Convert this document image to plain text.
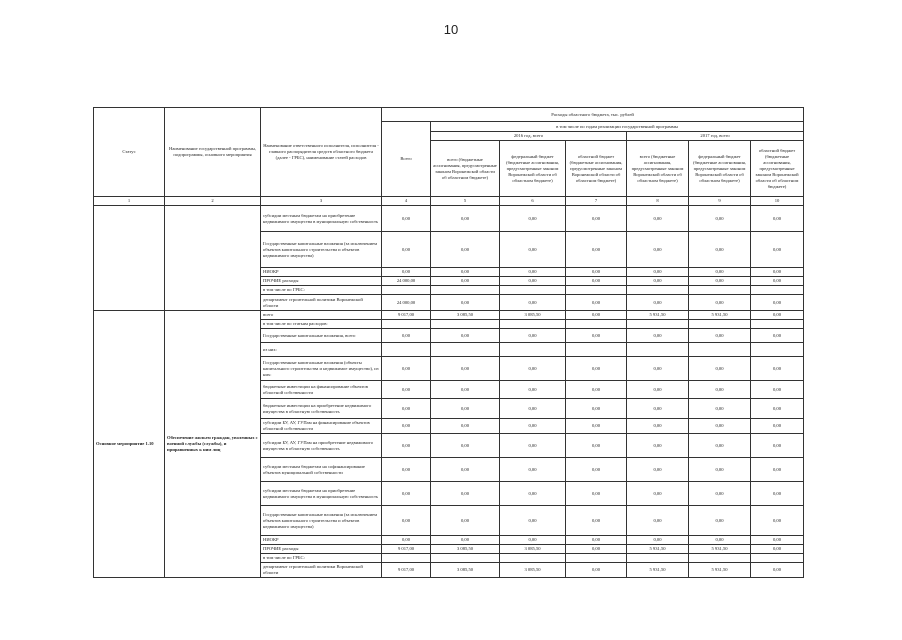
10
Статус	Наименование государственной программы, подпрограммы, основного мероприятия	Наименование ответственного исполнителя, исполнителя - главного распорядителя средств областного бюджета (далее - ГРБС), наименование статей расходов	Расходы областного бюджета, тыс. рублей						
			Всего	в том числе по годам реализации государственной программы					
				2016 год, всего			2017 год, всего		
				всего (бюджетные ассигнования, предусмотренные законом Воронежской области об областном бюджете)	федеральный бюджет (бюджетные ассигнования, предусмотренные законом Воронежской области об областном бюджете)	областной бюджет (бюджетные ассигнования, предусмотренные законом Воронежской области об областном бюджете)	всего (бюджетные ассигнования, предусмотренные законом Воронежской области об областном бюджете)	федеральный бюджет (бюджетные ассигнования, предусмотренные законом Воронежской области об областном бюджете)	областной бюджет (бюджетные ассигнования, предусмотренные законом Воронежской области об областном бюджете)
1	2	3	4	5	6	7	8	9	10
		субсидии местным бюджетам на приобретение недвижимого имущества в муниципальную собственность	0,00	0,00	0,00	0,00	0,00	0,00	0,00
		Государственные капитальные вложения (за исключением объектов капитального строительства и объектов недвижимого имущества)	0,00	0,00	0,00	0,00	0,00	0,00	0,00
		НИОКР	0,00	0,00	0,00	0,00	0,00	0,00	0,00
		ПРОЧИЕ расходы	24 000,00	0,00	0,00	0,00	0,00	0,00	0,00
		в том числе по ГРБС:							
		департамент строительной политики Воронежской области	24 000,00	0,00	0,00	0,00	0,00	0,00	0,00
Основное мероприятие 1.10	Обеспечение жильем граждан, уволенных с военной службы (службы), и приравненных к ним лиц	всего	9 017,00	3 085,50	3 085,50	0,00	5 931,50	5 931,50	0,00
		в том числе по статьям расходов:							
		Государственные капитальные вложения, всего	0,00	0,00	0,00	0,00	0,00	0,00	0,00
		из них:							
		Государственные капитальные вложения (объекты капитального строительства и недвижимое имущество), из них:	0,00	0,00	0,00	0,00	0,00	0,00	0,00
		бюджетные инвестиции на финансирование объектов областной собственности	0,00	0,00	0,00	0,00	0,00	0,00	0,00
		бюджетные инвестиции на приобретение недвижимого имущества в областную собственность	0,00	0,00	0,00	0,00	0,00	0,00	0,00
		субсидии БУ, АУ, ГУПам на финансирование объектов областной собственности	0,00	0,00	0,00	0,00	0,00	0,00	0,00
		субсидии БУ, АУ, ГУПам на приобретение недвижимого имущества в областную собственность	0,00	0,00	0,00	0,00	0,00	0,00	0,00
		субсидии местным бюджетам на софинансирование объектов муниципальной собственности	0,00	0,00	0,00	0,00	0,00	0,00	0,00
		субсидии местным бюджетам на приобретение недвижимого имущества в муниципальную собственность	0,00	0,00	0,00	0,00	0,00	0,00	0,00
		Государственные капитальные вложения (за исключением объектов капитального строительства и объектов недвижимого имущества)	0,00	0,00	0,00	0,00	0,00	0,00	0,00
		НИОКР	0,00	0,00	0,00	0,00	0,00	0,00	0,00
		ПРОЧИЕ расходы	9 017,00	3 085,50	3 085,50	0,00	5 931,50	5 931,50	0,00
		в том числе по ГРБС:							
		департамент строительной политики Воронежской области	9 017,00	3 085,50	3 085,50	0,00	5 931,50	5 931,50	0,00
